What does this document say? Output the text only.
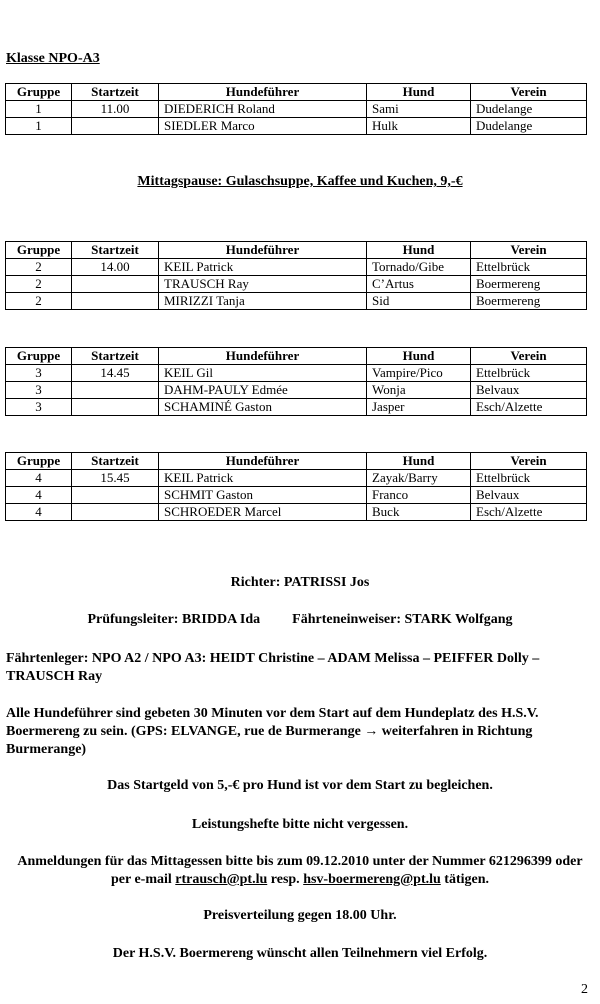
Klasse NPO-A3
Gruppe	Startzeit	Hundeführer	Hund	Verein
1	11.00	DIEDERICH Roland	Sami	Dudelange
1		SIEDLER Marco	Hulk	Dudelange
Mittagspause: Gulaschsuppe, Kaffee und Kuchen, 9,-€
Gruppe	Startzeit	Hundeführer	Hund	Verein
2	14.00	KEIL Patrick	Tornado/Gibe	Ettelbrück
2		TRAUSCH Ray	C’Artus	Boermereng
2		MIRIZZI Tanja	Sid	Boermereng
Gruppe	Startzeit	Hundeführer	Hund	Verein
3	14.45	KEIL Gil	Vampire/Pico	Ettelbrück
3		DAHM-PAULY Edmée	Wonja	Belvaux
3		SCHAMINÉ Gaston	Jasper	Esch/Alzette
Gruppe	Startzeit	Hundeführer	Hund	Verein
4	15.45	KEIL Patrick	Zayak/Barry	Ettelbrück
4		SCHMIT Gaston	Franco	Belvaux
4		SCHROEDER Marcel	Buck	Esch/Alzette
Richter: PATRISSI Jos
Prüfungsleiter: BRIDDA Ida Fährteneinweiser: STARK Wolfgang
Fährtenleger: NPO A2 / NPO A3: HEIDT Christine – ADAM Melissa – PEIFFER Dolly – TRAUSCH Ray
Alle Hundeführer sind gebeten 30 Minuten vor dem Start auf dem Hundeplatz des H.S.V. Boermereng zu sein. (GPS: ELVANGE, rue de Burmerange → weiterfahren in Richtung Burmerange)
Das Startgeld von 5,-€ pro Hund ist vor dem Start zu begleichen.
Leistungshefte bitte nicht vergessen.
Anmeldungen für das Mittagessen bitte bis zum 09.12.2010 unter der Nummer 621296399 oder per e-mail rtrausch@pt.lu resp. hsv-boermereng@pt.lu tätigen.
Preisverteilung gegen 18.00 Uhr.
Der H.S.V. Boermereng wünscht allen Teilnehmern viel Erfolg.
2
